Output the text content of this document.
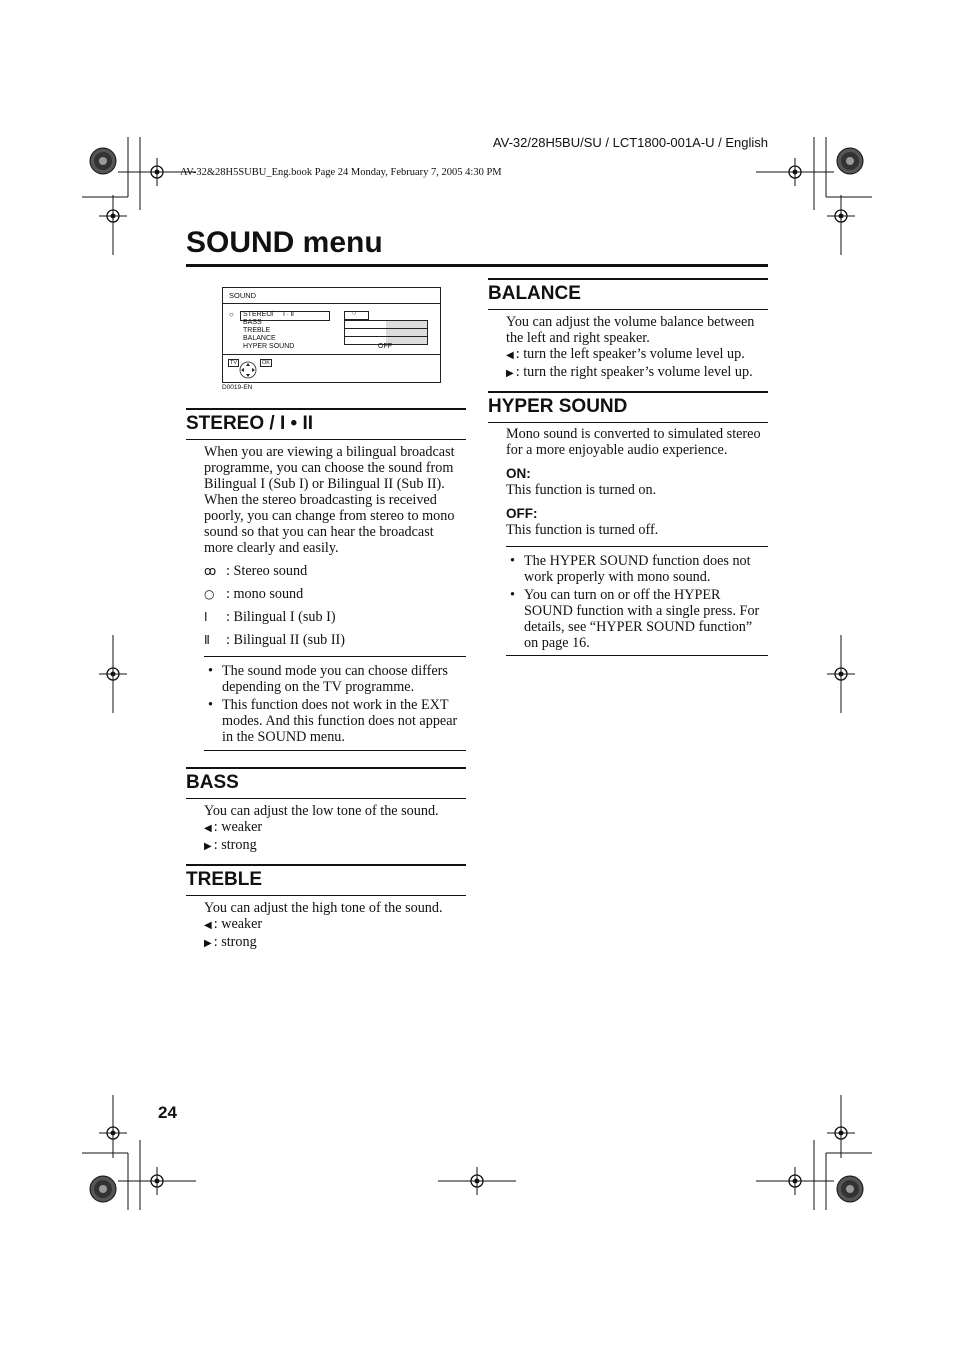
AV-32/28H5BU/SU / LCT1800-001A-U / English
AV-32&28H5SUBU_Eng.book Page 24 Monday, February 7, 2005 4:30 PM
SOUND menu
SOUND
○	Ⅰ · Ⅱ
STEREO/
BASS
TREBLE
BALANCE
HYPER SOUND
○
OFF
TV	OK
D0019-EN
STEREO / I • II

When you are viewing a bilingual broadcast programme, you can choose the sound from Bilingual I (Sub I) or Bilingual II (Sub II). When the stereo broadcasting is received poorly, you can change from stereo to mono sound so that you can hear the broadcast more clearly and easily.

ꝏ : Stereo sound
○ : mono sound
Ⅰ	: Bilingual I (sub I)
Ⅱ	: Bilingual II (sub II)
• The sound mode you can choose differs depending on the TV programme.
• This function does not work in the EXT modes. And this function does not appear in the SOUND menu.
BASS

You can adjust the low tone of the sound.

◀ : weaker

▶ : strong

TREBLE

You can adjust the high tone of the sound.

◀ : weaker

▶ : strong

BALANCE

You can adjust the volume balance between the left and right speaker.

◀ : turn the left speaker’s volume level up.

▶ : turn the right speaker’s volume level up.

HYPER SOUND

Mono sound is converted to simulated stereo for a more enjoyable audio experience.

ON:

This function is turned on.

OFF:

This function is turned off.

• The HYPER SOUND function does not work properly with mono sound.
• You can turn on or off the HYPER SOUND function with a single press. For details, see “HYPER SOUND function” on page 16.
24
